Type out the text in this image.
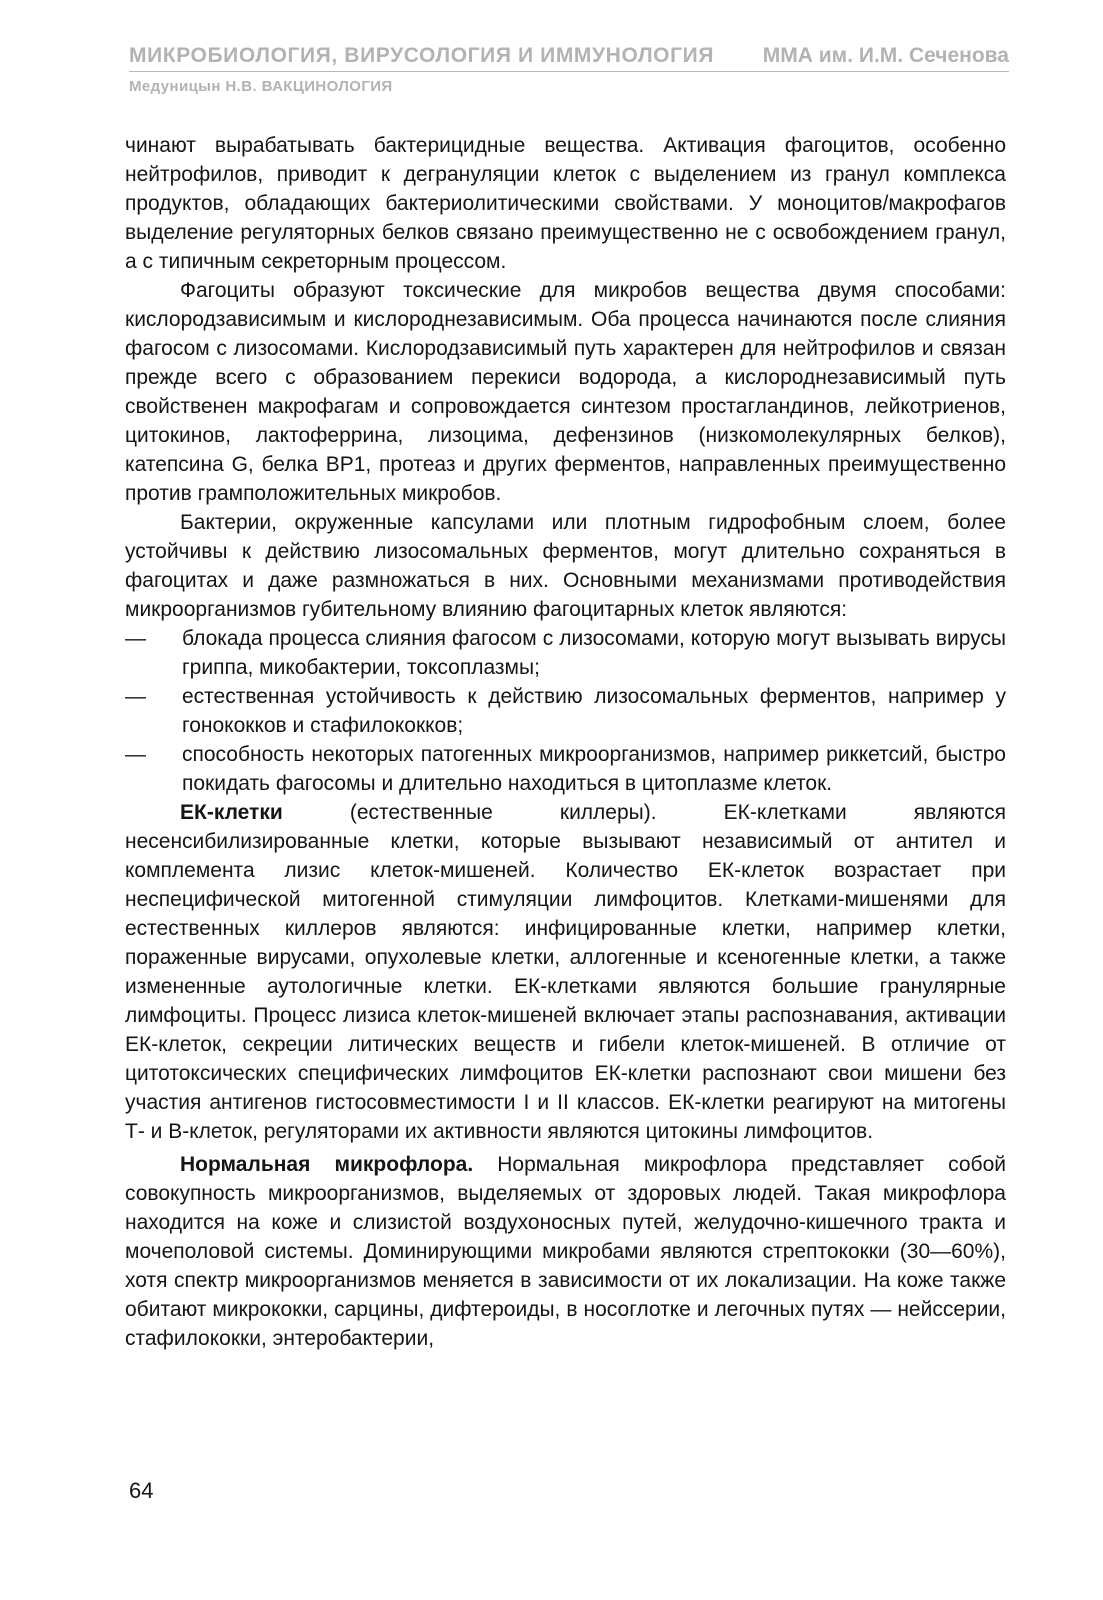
МИКРОБИОЛОГИЯ, ВИРУСОЛОГИЯ И ИММУНОЛОГИЯ ММА им. И.М. Сеченова
Медуницын Н.В. ВАКЦИНОЛОГИЯ

чинают вырабатывать бактерицидные вещества. Активация фагоцитов, особенно нейтрофилов, приводит к дегрануляции клеток с выделением из гранул комплекса продуктов, обладающих бактериолитическими свойствами. У моноцитов/макрофагов выделение регуляторных белков связано преимущественно не с освобождением гранул, а с типичным секреторным процессом.

Фагоциты образуют токсические для микробов вещества двумя способами: кислородзависимым и кислороднезависимым. Оба процесса начинаются после слияния фагосом с лизосомами. Кислородзависимый путь характерен для нейтрофилов и связан прежде всего с образованием перекиси водорода, а кислороднезависимый путь свойственен макрофагам и сопровождается синтезом простагландинов, лейкотриенов, цитокинов, лактоферрина, лизоцима, дефензинов (низкомолекулярных белков), катепсина G, белка BP1, протеаз и других ферментов, направленных преимущественно против грамположительных микробов.

Бактерии, окруженные капсулами или плотным гидрофобным слоем, более устойчивы к действию лизосомальных ферментов, могут длительно сохраняться в фагоцитах и даже размножаться в них. Основными механизмами противодействия микроорганизмов губительному влиянию фагоцитарных клеток являются:

— блокада процесса слияния фагосом с лизосомами, которую могут вызывать вирусы гриппа, микобактерии, токсоплазмы;
— естественная устойчивость к действию лизосомальных ферментов, например у гонококков и стафилококков;
— способность некоторых патогенных микроорганизмов, например риккетсий, быстро покидать фагосомы и длительно находиться в цитоплазме клеток.

ЕК-клетки (естественные киллеры). ЕК-клетками являются несенсибилизированные клетки, которые вызывают независимый от антител и комплемента лизис клеток-мишеней. Количество ЕК-клеток возрастает при неспецифической митогенной стимуляции лимфоцитов. Клетками-мишенями для естественных киллеров являются: инфицированные клетки, например клетки, пораженные вирусами, опухолевые клетки, аллогенные и ксеногенные клетки, а также измененные аутологичные клетки. ЕК-клетками являются большие гранулярные лимфоциты. Процесс лизиса клеток-мишеней включает этапы распознавания, активации ЕК-клеток, секреции литических веществ и гибели клеток-мишеней. В отличие от цитотоксических специфических лимфоцитов ЕК-клетки распознают свои мишени без участия антигенов гистосовместимости I и II классов. ЕК-клетки реагируют на митогены Т- и В-клеток, регуляторами их активности являются цитокины лимфоцитов.

Нормальная микрофлора. Нормальная микрофлора представляет собой совокупность микроорганизмов, выделяемых от здоровых людей. Такая микрофлора находится на коже и слизистой воздухоносных путей, желудочно-кишечного тракта и мочеполовой системы. Доминирующими микробами являются стрептококки (30—60%), хотя спектр микроорганизмов меняется в зависимости от их локализации. На коже также обитают микрококки, сарцины, дифтероиды, в носоглотке и легочных путях — нейссерии, стафилококки, энтеробактерии,

64
